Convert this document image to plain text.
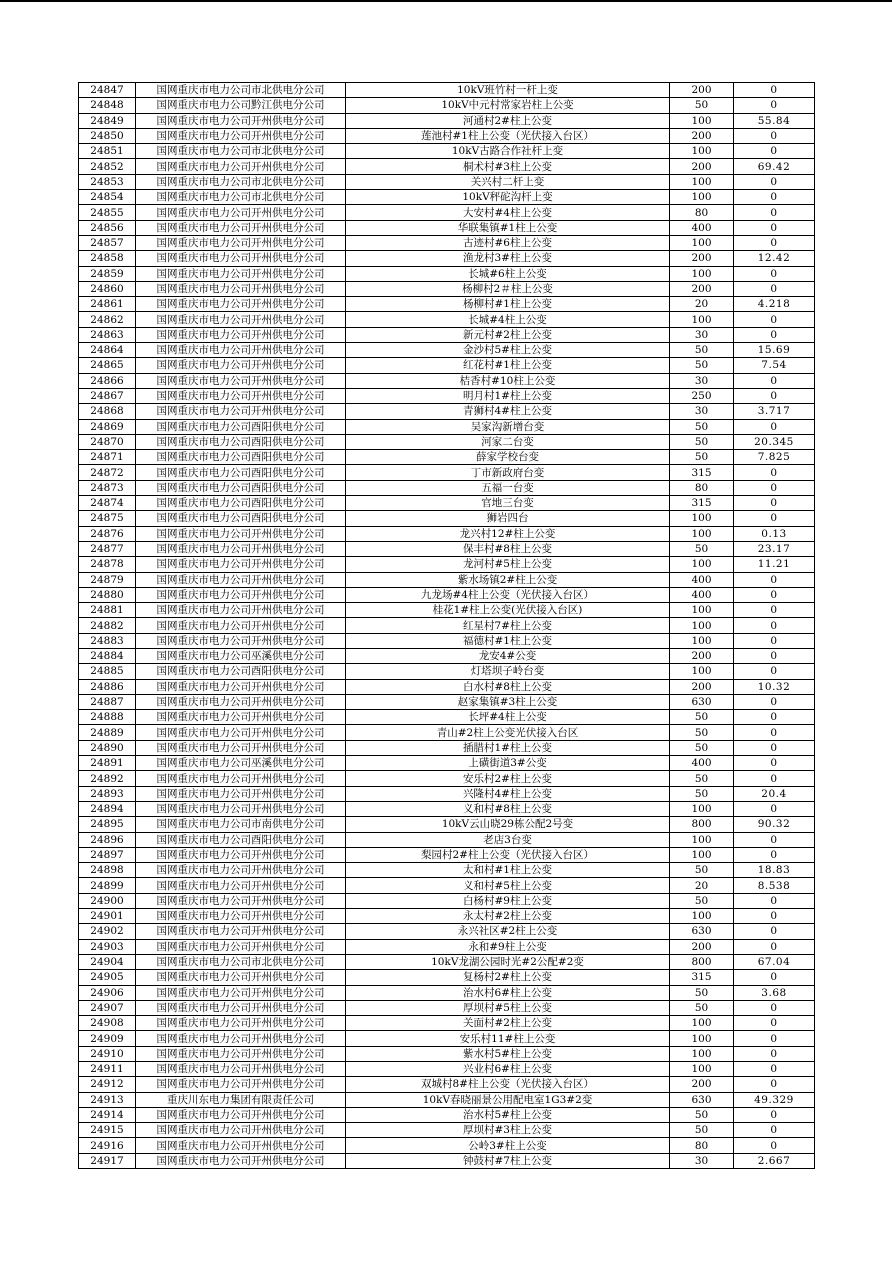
24847	国网重庆市电力公司市北供电分公司	10kV班竹村一杆上变	200	0
24848	国网重庆市电力公司黔江供电分公司	10kV中元村常家岩柱上公变	50	0
24849	国网重庆市电力公司开州供电分公司	河通村2#柱上公变	100	55.84
24850	国网重庆市电力公司开州供电分公司	莲池村#1柱上公变（光伏接入台区）	200	0
24851	国网重庆市电力公司市北供电分公司	10kV古路合作社杆上变	100	0
24852	国网重庆市电力公司开州供电分公司	桐术村#3柱上公变	200	69.42
24853	国网重庆市电力公司市北供电分公司	关兴村二杆上变	100	0
24854	国网重庆市电力公司市北供电分公司	10kV秤砣沟杆上变	100	0
24855	国网重庆市电力公司开州供电分公司	大安村#4柱上公变	80	0
24856	国网重庆市电力公司开州供电分公司	华联集镇#1柱上公变	400	0
24857	国网重庆市电力公司开州供电分公司	古迹村#6柱上公变	100	0
24858	国网重庆市电力公司开州供电分公司	渔龙村3#柱上公变	200	12.42
24859	国网重庆市电力公司开州供电分公司	长城#6柱上公变	100	0
24860	国网重庆市电力公司开州供电分公司	杨柳村2＃柱上公变	200	0
24861	国网重庆市电力公司开州供电分公司	杨柳村#1柱上公变	20	4.218
24862	国网重庆市电力公司开州供电分公司	长城#4柱上公变	100	0
24863	国网重庆市电力公司开州供电分公司	新元村#2柱上公变	30	0
24864	国网重庆市电力公司开州供电分公司	金沙村5#柱上公变	50	15.69
24865	国网重庆市电力公司开州供电分公司	红花村#1柱上公变	50	7.54
24866	国网重庆市电力公司开州供电分公司	桔香村#10柱上公变	30	0
24867	国网重庆市电力公司开州供电分公司	明月村1#柱上公变	250	0
24868	国网重庆市电力公司开州供电分公司	青狮村4#柱上公变	30	3.717
24869	国网重庆市电力公司酉阳供电分公司	吴家沟新增台变	50	0
24870	国网重庆市电力公司酉阳供电分公司	河家二台变	50	20.345
24871	国网重庆市电力公司酉阳供电分公司	薛家学校台变	50	7.825
24872	国网重庆市电力公司酉阳供电分公司	丁市新政府台变	315	0
24873	国网重庆市电力公司酉阳供电分公司	五福一台变	80	0
24874	国网重庆市电力公司酉阳供电分公司	官地三台变	315	0
24875	国网重庆市电力公司酉阳供电分公司	狮岩四台	100	0
24876	国网重庆市电力公司开州供电分公司	龙兴村12#柱上公变	100	0.13
24877	国网重庆市电力公司开州供电分公司	保丰村#8柱上公变	50	23.17
24878	国网重庆市电力公司开州供电分公司	龙河村#5柱上公变	100	11.21
24879	国网重庆市电力公司开州供电分公司	紫水场镇2#柱上公变	400	0
24880	国网重庆市电力公司开州供电分公司	九龙场#4柱上公变（光伏接入台区）	400	0
24881	国网重庆市电力公司开州供电分公司	桂花1#柱上公变(光伏接入台区)	100	0
24882	国网重庆市电力公司开州供电分公司	红星村7#柱上公变	100	0
24883	国网重庆市电力公司开州供电分公司	福德村#1柱上公变	100	0
24884	国网重庆市电力公司巫溪供电分公司	龙安4#公变	200	0
24885	国网重庆市电力公司酉阳供电分公司	灯塔坝子岭台变	100	0
24886	国网重庆市电力公司开州供电分公司	白水村#8柱上公变	200	10.32
24887	国网重庆市电力公司开州供电分公司	赵家集镇#3柱上公变	630	0
24888	国网重庆市电力公司开州供电分公司	长坪#4柱上公变	50	0
24889	国网重庆市电力公司开州供电分公司	青山#2柱上公变光伏接入台区	50	0
24890	国网重庆市电力公司开州供电分公司	插腊村1#柱上公变	50	0
24891	国网重庆市电力公司巫溪供电分公司	上磺街道3#公变	400	0
24892	国网重庆市电力公司开州供电分公司	安乐村2#柱上公变	50	0
24893	国网重庆市电力公司开州供电分公司	兴隆村4#柱上公变	50	20.4
24894	国网重庆市电力公司开州供电分公司	义和村#8柱上公变	100	0
24895	国网重庆市电力公司市南供电分公司	10kV云山晓29栋公配2号变	800	90.32
24896	国网重庆市电力公司酉阳供电分公司	老店3台变	100	0
24897	国网重庆市电力公司开州供电分公司	梨园村2#柱上公变（光伏接入台区）	100	0
24898	国网重庆市电力公司开州供电分公司	太和村#1柱上公变	50	18.83
24899	国网重庆市电力公司开州供电分公司	义和村#5柱上公变	20	8.538
24900	国网重庆市电力公司开州供电分公司	白杨村#9柱上公变	50	0
24901	国网重庆市电力公司开州供电分公司	永太村#2柱上公变	100	0
24902	国网重庆市电力公司开州供电分公司	永兴社区#2柱上公变	630	0
24903	国网重庆市电力公司开州供电分公司	永和#9柱上公变	200	0
24904	国网重庆市电力公司市北供电分公司	10kV龙湖公园时光#2公配#2变	800	67.04
24905	国网重庆市电力公司开州供电分公司	复杨村2#柱上公变	315	0
24906	国网重庆市电力公司开州供电分公司	治水村6#柱上公变	50	3.68
24907	国网重庆市电力公司开州供电分公司	厚坝村#5柱上公变	50	0
24908	国网重庆市电力公司开州供电分公司	关面村#2柱上公变	100	0
24909	国网重庆市电力公司开州供电分公司	安乐村11#柱上公变	100	0
24910	国网重庆市电力公司开州供电分公司	紫水村5#柱上公变	100	0
24911	国网重庆市电力公司开州供电分公司	兴业村6#柱上公变	100	0
24912	国网重庆市电力公司开州供电分公司	双城村8#柱上公变（光伏接入台区）	200	0
24913	重庆川东电力集团有限责任公司	10kV春晓丽景公用配电室1G3#2变	630	49.329
24914	国网重庆市电力公司开州供电分公司	治水村5#柱上公变	50	0
24915	国网重庆市电力公司开州供电分公司	厚坝村#3柱上公变	50	0
24916	国网重庆市电力公司开州供电分公司	公岭3#柱上公变	80	0
24917	国网重庆市电力公司开州供电分公司	钟鼓村#7柱上公变	30	2.667
